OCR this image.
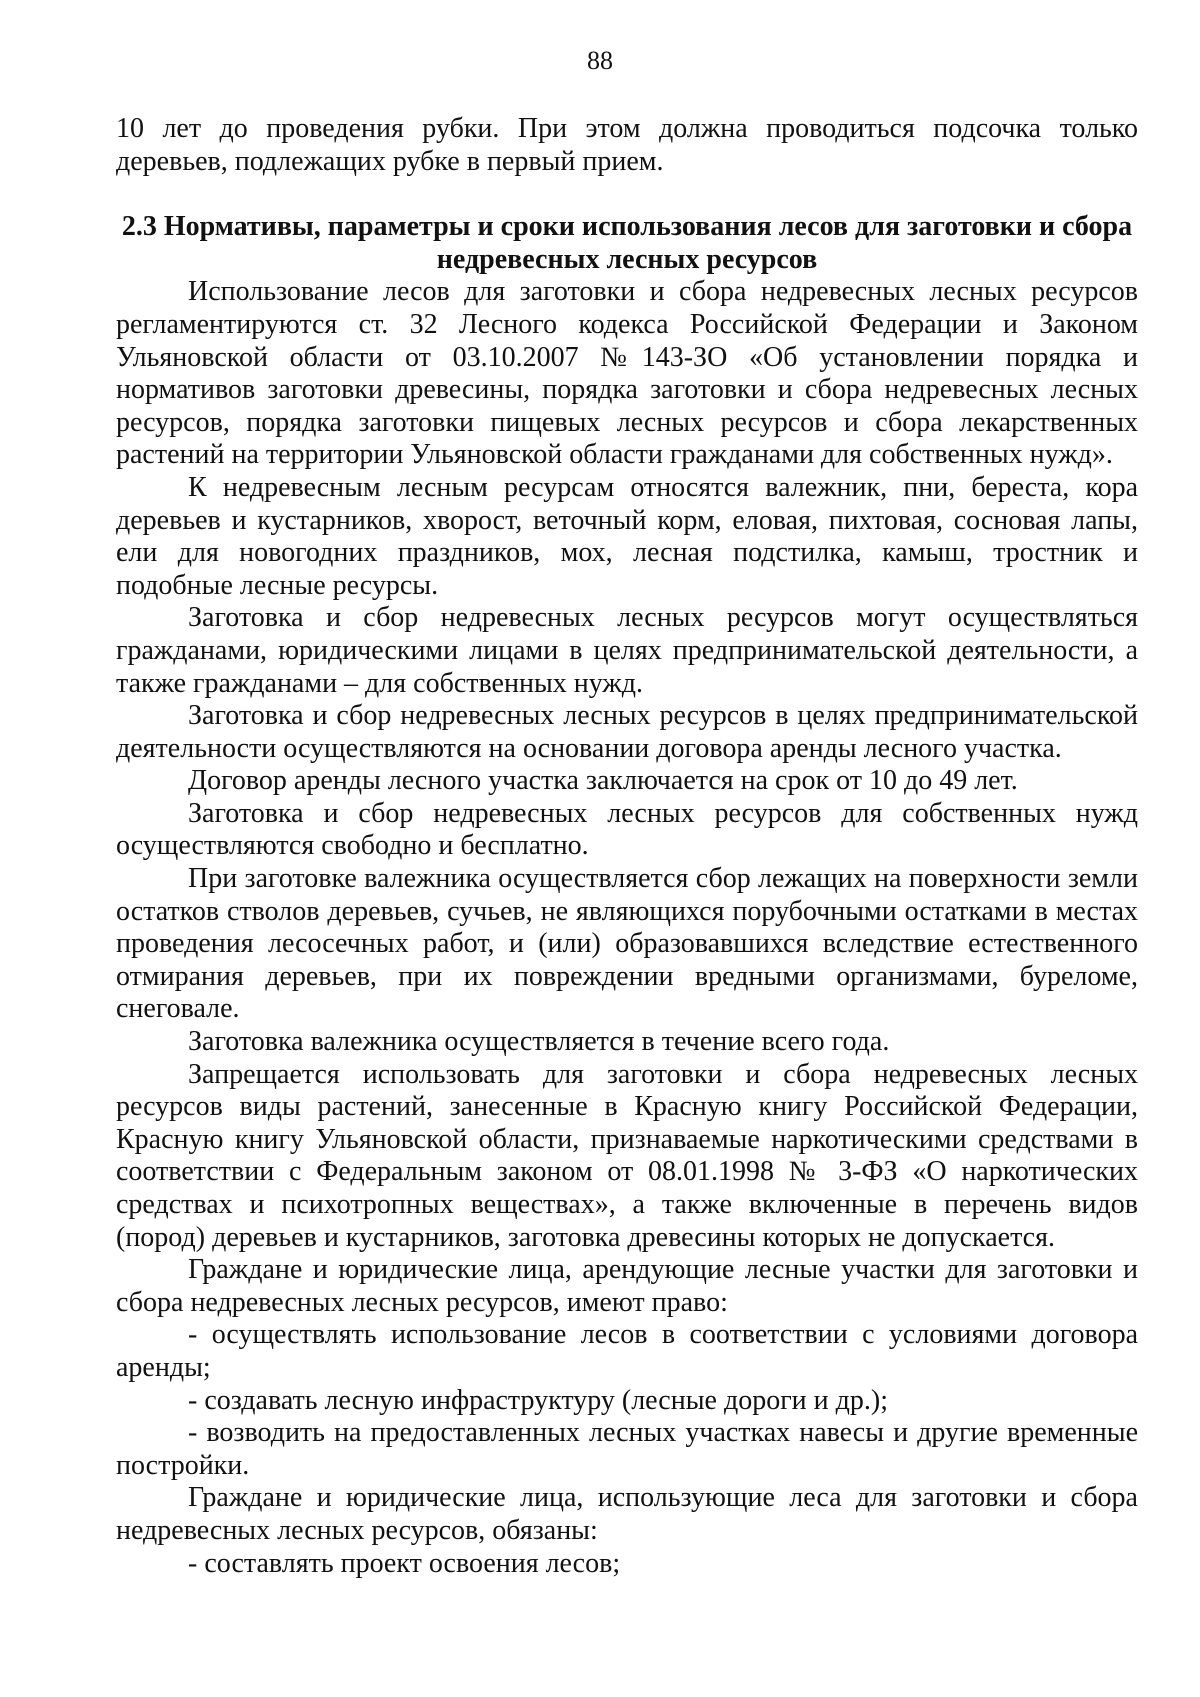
88

10 лет до проведения рубки. При этом должна проводиться подсочка только деревьев, подлежащих рубке в первый прием.

2.3 Нормативы, параметры и сроки использования лесов для заготовки и сбора недревесных лесных ресурсов

Использование лесов для заготовки и сбора недревесных лесных ресурсов регламентируются ст. 32 Лесного кодекса Российской Федерации и Законом Ульяновской области от 03.10.2007 №143-ЗО «Об установлении порядка и нормативов заготовки древесины, порядка заготовки и сбора недревесных лесных ресурсов, порядка заготовки пищевых лесных ресурсов и сбора лекарственных растений на территории Ульяновской области гражданами для собственных нужд».

К недревесным лесным ресурсам относятся валежник, пни, береста, кора деревьев и кустарников, хворост, веточный корм, еловая, пихтовая, сосновая лапы, ели для новогодних праздников, мох, лесная подстилка, камыш, тростник и подобные лесные ресурсы.

Заготовка и сбор недревесных лесных ресурсов могут осуществляться гражданами, юридическими лицами в целях предпринимательской деятельности, а также гражданами – для собственных нужд.

Заготовка и сбор недревесных лесных ресурсов в целях предпринимательской деятельности осуществляются на основании договора аренды лесного участка.

Договор аренды лесного участка заключается на срок от 10 до 49 лет.

Заготовка и сбор недревесных лесных ресурсов для собственных нужд осуществляются свободно и бесплатно.

При заготовке валежника осуществляется сбор лежащих на поверхности земли остатков стволов деревьев, сучьев, не являющихся порубочными остатками в местах проведения лесосечных работ, и (или) образовавшихся вследствие естественного отмирания деревьев, при их повреждении вредными организмами, буреломе, снеговале.

Заготовка валежника осуществляется в течение всего года.

Запрещается использовать для заготовки и сбора недревесных лесных ресурсов виды растений, занесенные в Красную книгу Российской Федерации, Красную книгу Ульяновской области, признаваемые наркотическими средствами в соответствии с Федеральным законом от 08.01.1998 № 3-ФЗ «О наркотических средствах и психотропных веществах», а также включенные в перечень видов (пород) деревьев и кустарников, заготовка древесины которых не допускается.

Граждане и юридические лица, арендующие лесные участки для заготовки и сбора недревесных лесных ресурсов, имеют право:

- осуществлять использование лесов в соответствии с условиями договора аренды;

- создавать лесную инфраструктуру (лесные дороги и др.);

- возводить на предоставленных лесных участках навесы и другие временные постройки.

Граждане и юридические лица, использующие леса для заготовки и сбора недревесных лесных ресурсов, обязаны:

- составлять проект освоения лесов;
